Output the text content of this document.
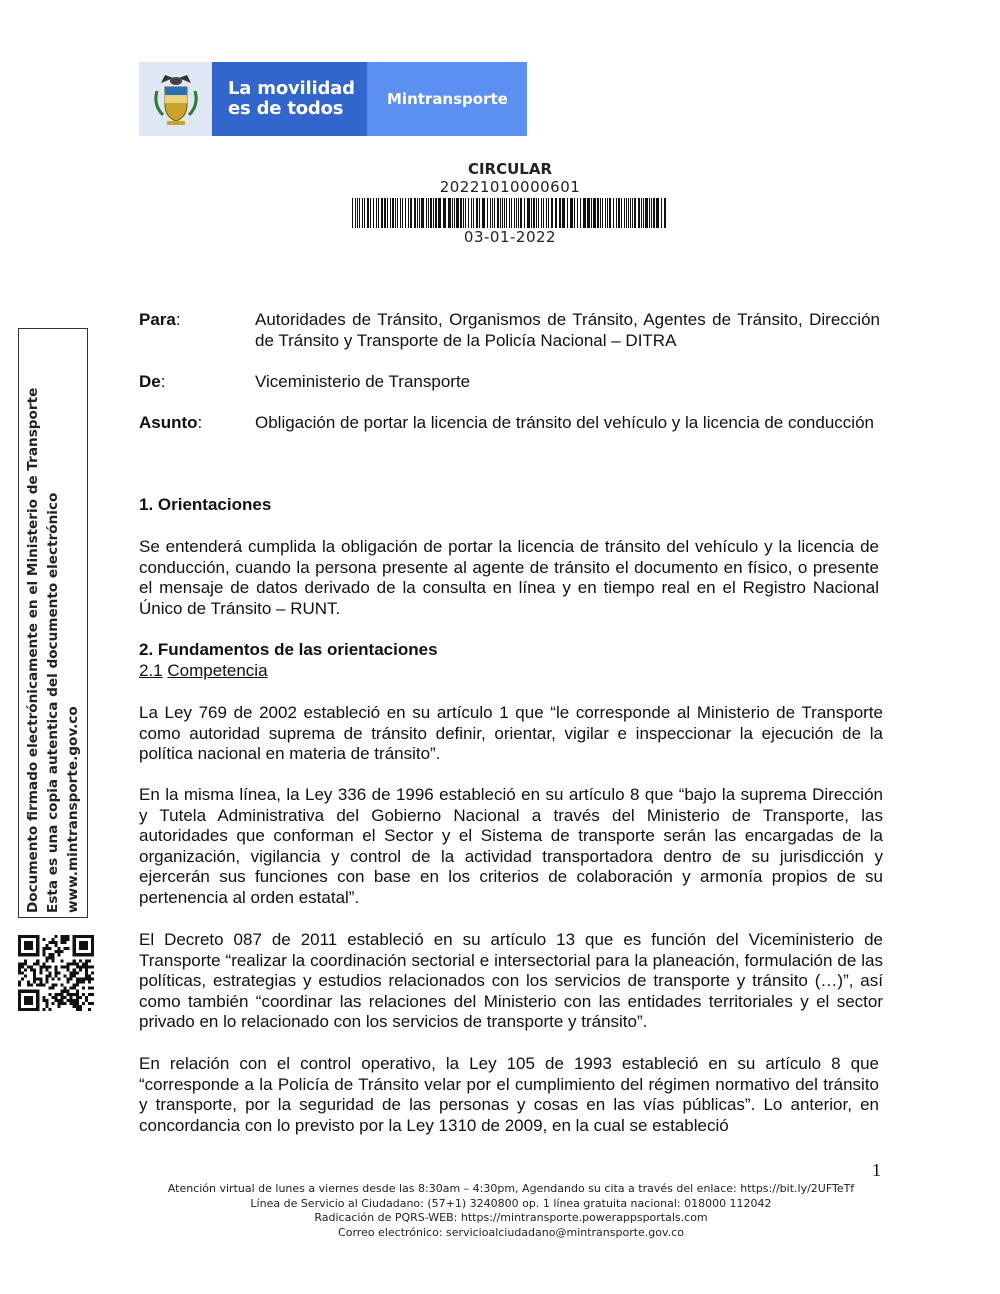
La movilidad
es de todos	Mintransporte
CIRCULAR
20221010000601
03-01-2022
Documento firmado electrónicamente en el Ministerio de Transporte Esta es una copia autentica del documento electrónico www.mintransporte.gov.co
Para:	Autoridades de Tránsito, Organismos de Tránsito, Agentes de Tránsito, Dirección de Tránsito y Transporte de la Policía Nacional – DITRA
De:	Viceministerio de Transporte
Asunto:	Obligación de portar la licencia de tránsito del vehículo y la licencia de conducción
1. Orientaciones
Se entenderá cumplida la obligación de portar la licencia de tránsito del vehículo y la licencia de conducción, cuando la persona presente al agente de tránsito el documento en físico, o presente el mensaje de datos derivado de la consulta en línea y en tiempo real en el Registro Nacional Único de Tránsito – RUNT.
2. Fundamentos de las orientaciones
2.1 Competencia
La Ley 769 de 2002 estableció en su artículo 1 que “le corresponde al Ministerio de Transporte como autoridad suprema de tránsito definir, orientar, vigilar e inspeccionar la ejecución de la política nacional en materia de tránsito”.
En la misma línea, la Ley 336 de 1996 estableció en su artículo 8 que “bajo la suprema Dirección y Tutela Administrativa del Gobierno Nacional a través del Ministerio de Transporte, las autoridades que conforman el Sector y el Sistema de transporte serán las encargadas de la organización, vigilancia y control de la actividad transportadora dentro de su jurisdicción y ejercerán sus funciones con base en los criterios de colaboración y armonía propios de su pertenencia al orden estatal”.
El Decreto 087 de 2011 estableció en su artículo 13 que es función del Viceministerio de Transporte “realizar la coordinación sectorial e intersectorial para la planeación, formulación de las políticas, estrategias y estudios relacionados con los servicios de transporte y tránsito (…)”, así como también “coordinar las relaciones del Ministerio con las entidades territoriales y el sector privado en lo relacionado con los servicios de transporte y tránsito”.
En relación con el control operativo, la Ley 105 de 1993 estableció en su artículo 8 que “corresponde a la Policía de Tránsito velar por el cumplimiento del régimen normativo del tránsito y transporte, por la seguridad de las personas y cosas en las vías públicas”. Lo anterior, en concordancia con lo previsto por la Ley 1310 de 2009, en la cual se estableció
1
Atención virtual de lunes a viernes desde las 8:30am – 4:30pm, Agendando su cita a través del enlace: https://bit.ly/2UFTeTf
Línea de Servicio al Ciudadano: (57+1) 3240800 op. 1 línea gratuita nacional: 018000 112042
Radicación de PQRS-WEB: https://mintransporte.powerappsportals.com
Correo electrónico: servicioalciudadano@mintransporte.gov.co
